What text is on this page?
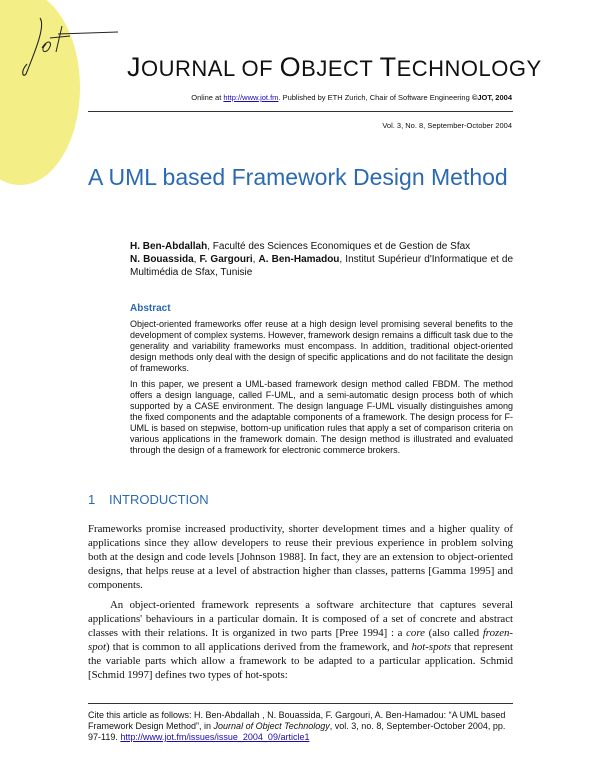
JOURNAL OF OBJECT TECHNOLOGY
Online at http://www.jot.fm. Published by ETH Zurich, Chair of Software Engineering ©JOT, 2004
Vol. 3, No. 8, September-October 2004
A UML based Framework Design Method

H. Ben-Abdallah, Faculté des Sciences Economiques et de Gestion de Sfax

N. Bouassida, F. Gargouri, A. Ben-Hamadou, Institut Supérieur d'Informatique et de Multimédia de Sfax, Tunisie

Abstract

Object-oriented frameworks offer reuse at a high design level promising several benefits to the development of complex systems. However, framework design remains a difficult task due to the generality and variability frameworks must encompass. In addition, traditional object-oriented design methods only deal with the design of specific applications and do not facilitate the design of frameworks.

In this paper, we present a UML-based framework design method called FBDM. The method offers a design language, called F-UML, and a semi-automatic design process both of which supported by a CASE environment. The design language F-UML visually distinguishes among the fixed components and the adaptable components of a framework. The design process for F-UML is based on stepwise, bottom-up unification rules that apply a set of comparison criteria on various applications in the framework domain. The design method is illustrated and evaluated through the design of a framework for electronic commerce brokers.

1 INTRODUCTION

Frameworks promise increased productivity, shorter development times and a higher quality of applications since they allow developers to reuse their previous experience in problem solving both at the design and code levels [Johnson 1988]. In fact, they are an extension to object-oriented designs, that helps reuse at a level of abstraction higher than classes, patterns [Gamma 1995] and components.

An object-oriented framework represents a software architecture that captures several applications' behaviours in a particular domain. It is composed of a set of concrete and abstract classes with their relations. It is organized in two parts [Pree 1994] : a core (also called frozen-spot) that is common to all applications derived from the framework, and hot-spots that represent the variable parts which allow a framework to be adapted to a particular application. Schmid [Schmid 1997] defines two types of hot-spots:

Cite this article as follows: H. Ben-Abdallah , N. Bouassida, F. Gargouri, A. Ben-Hamadou: “A UML based Framework Design Method”, in Journal of Object Technology, vol. 3, no. 8, September-October 2004, pp. 97-119. http://www.jot.fm/issues/issue_2004_09/article1
